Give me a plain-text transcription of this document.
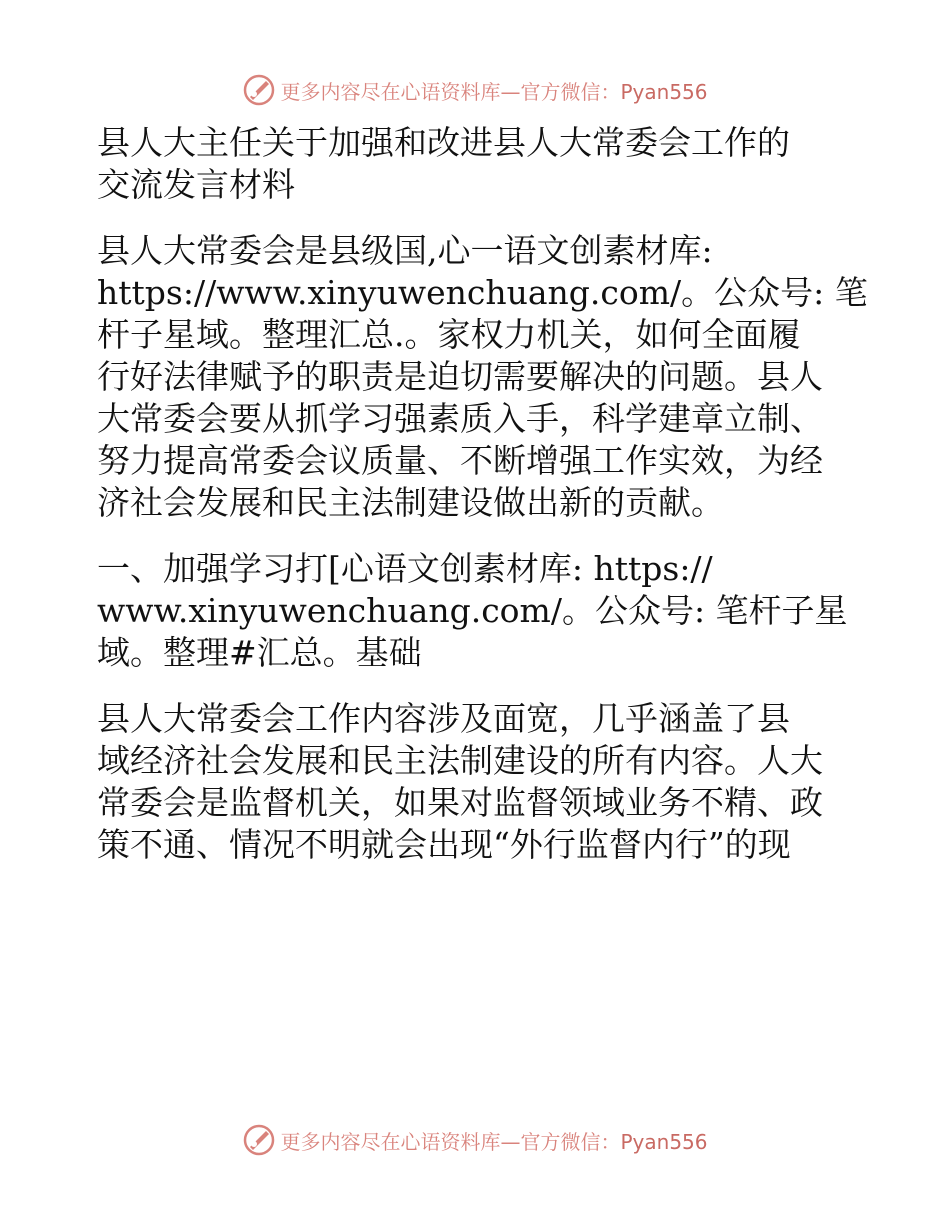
更多内容尽在心语资料库—官方微信：Pyan556

县人大主任关于加强和改进县人大常委会工作的

交流发言材料

县人大常委会是县级国,心一语文创素材库:

https://www.xinyuwenchuang.com/。公众号: 笔

杆子星域。整理汇总.。家权力机关，如何全面履

行好法律赋予的职责是迫切需要解决的问题。县人

大常委会要从抓学习强素质入手，科学建章立制、

努力提高常委会议质量、不断增强工作实效，为经

济社会发展和民主法制建设做出新的贡献。

一、加强学习打[心语文创素材库: https://

www.xinyuwenchuang.com/。公众号: 笔杆子星

域。整理#汇总。基础

县人大常委会工作内容涉及面宽，几乎涵盖了县

域经济社会发展和民主法制建设的所有内容。人大

常委会是监督机关，如果对监督领域业务不精、政

策不通、情况不明就会出现“外行监督内行”的现

更多内容尽在心语资料库—官方微信：Pyan556
